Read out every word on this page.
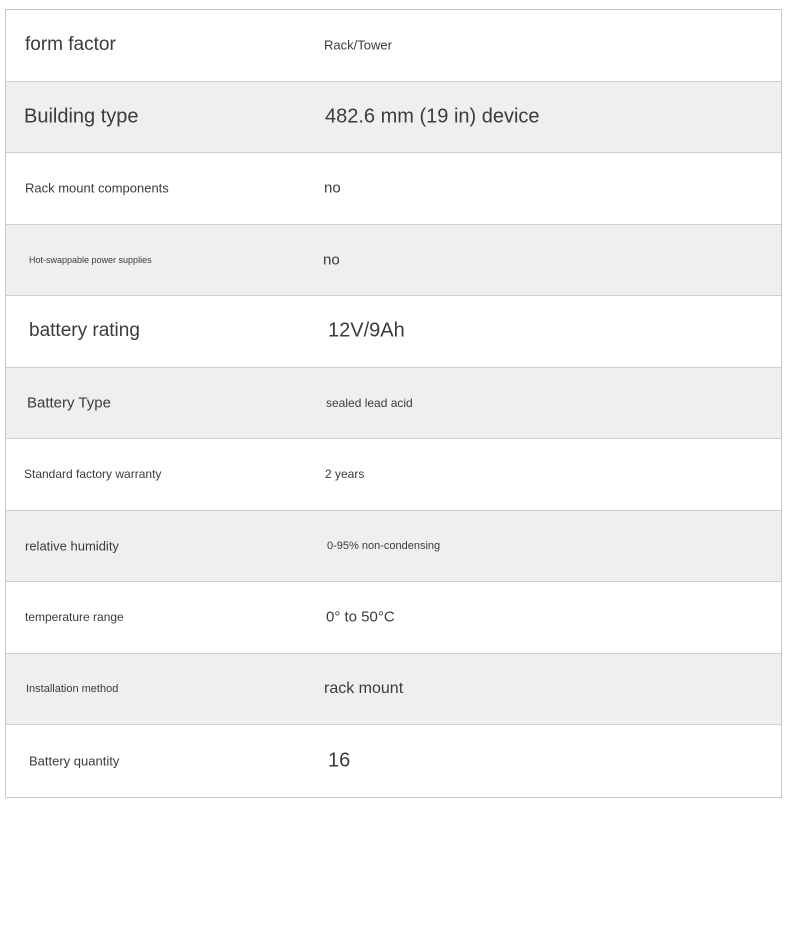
form factor	Rack/Tower
Building type	482.6 mm (19 in) device
Rack mount components	no
Hot-swappable power supplies	no
battery rating	12V/9Ah
Battery Type	sealed lead acid
Standard factory warranty	2 years
relative humidity	0-95% non-condensing
temperature range	0° to 50°C
Installation method	rack mount
Battery quantity	16
